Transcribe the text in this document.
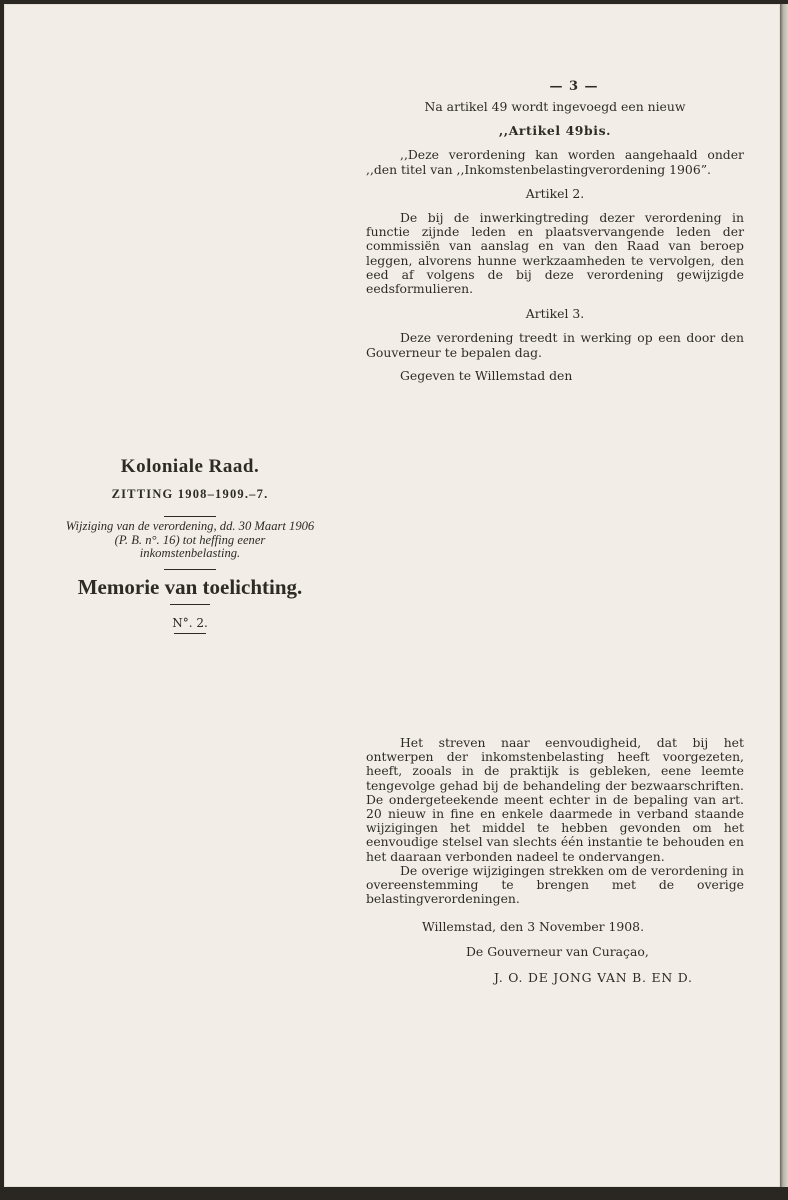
— 3 —

Na artikel 49 wordt ingevoegd een nieuw

,,Artikel 49bis.

,,Deze verordening kan worden aangehaald onder ,,den titel van ,,Inkomstenbelastingverordening 1906”.

Artikel 2.

De bij de inwerkingtreding dezer verordening in functie zijnde leden en plaatsvervangende leden der commissiën van aanslag en van den Raad van beroep leggen, alvorens hunne werkzaamheden te vervolgen, den eed af volgens de bij deze verordening gewijzigde eedsformulieren.

Artikel 3.

Deze verordening treedt in werking op een door den Gouverneur te bepalen dag.

Gegeven te Willemstad den

Koloniale Raad.
ZITTING 1908–1909.–7.
Wijziging van de verordening, dd. 30 Maart 1906 (P. B. n°. 16) tot heffing eener inkomstenbelasting.
Memorie van toelichting.
N°. 2.

Het streven naar eenvoudigheid, dat bij het ontwerpen der inkomstenbelasting heeft voorgezeten, heeft, zooals in de praktijk is gebleken, eene leemte tengevolge gehad bij de behandeling der bezwaarschriften. De ondergeteekende meent echter in de bepaling van art. 20 nieuw in fine en enkele daarmede in verband staande wijzigingen het middel te hebben gevonden om het eenvoudige stelsel van slechts één instantie te behouden en het daaraan verbonden nadeel te ondervangen.

De overige wijzigingen strekken om de verordening in overeenstemming te brengen met de overige belastingverordeningen.

Willemstad, den 3 November 1908.

De Gouverneur van Curaçao,

J. O. DE JONG VAN B. EN D.
